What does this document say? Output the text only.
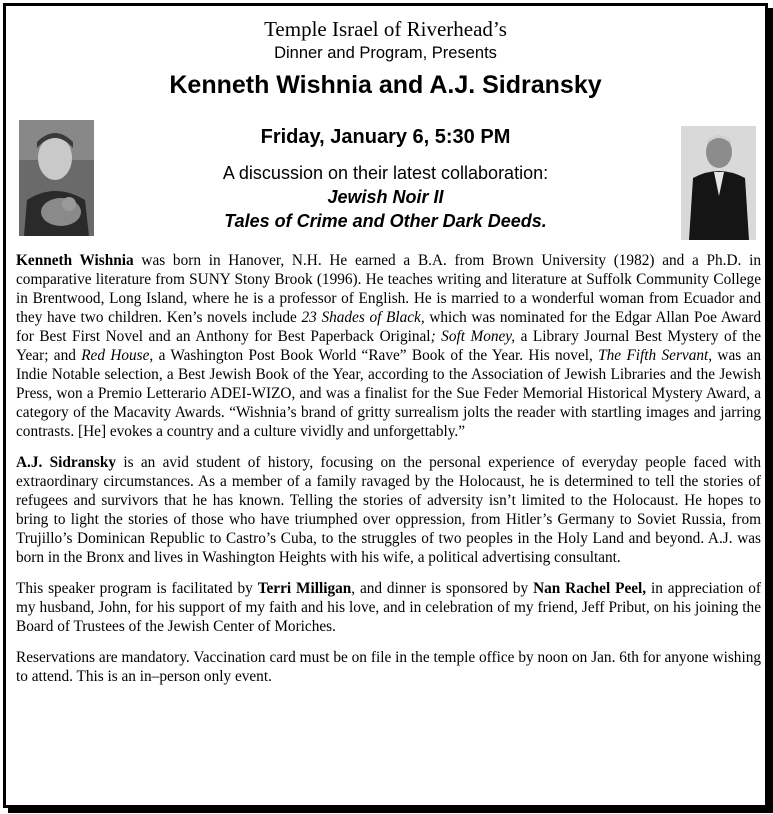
Temple Israel of Riverhead’s
Dinner and Program, Presents
Kenneth Wishnia and A.J. Sidransky
Friday, January 6, 5:30 PM
A discussion on their latest collaboration:
Jewish Noir II
Tales of Crime and Other Dark Deeds.

Kenneth Wishnia was born in Hanover, N.H. He earned a B.A. from Brown University (1982) and a Ph.D. in comparative literature from SUNY Stony Brook (1996). He teaches writing and literature at Suffolk Community College in Brentwood, Long Island, where he is a professor of English. He is married to a wonderful woman from Ecuador and they have two children. Ken’s novels include 23 Shades of Black, which was nominated for the Edgar Allan Poe Award for Best First Novel and an Anthony for Best Paperback Original; Soft Money, a Library Journal Best Mystery of the Year; and Red House, a Washington Post Book World “Rave” Book of the Year. His novel, The Fifth Servant, was an Indie Notable selection, a Best Jewish Book of the Year, according to the Association of Jewish Libraries and the Jewish Press, won a Premio Letterario ADEI-WIZO, and was a finalist for the Sue Feder Memorial Historical Mystery Award, a category of the Macavity Awards. “Wishnia’s brand of gritty surrealism jolts the reader with startling images and jarring contrasts. [He] evokes a country and a culture vividly and unforgettably.”

A.J. Sidransky is an avid student of history, focusing on the personal experience of everyday people faced with extraordinary circumstances. As a member of a family ravaged by the Holocaust, he is determined to tell the stories of refugees and survivors that he has known. Telling the stories of adversity isn’t limited to the Holocaust. He hopes to bring to light the stories of those who have triumphed over oppression, from Hitler’s Germany to Soviet Russia, from Trujillo’s Dominican Republic to Castro’s Cuba, to the struggles of two peoples in the Holy Land and beyond. A.J. was born in the Bronx and lives in Washington Heights with his wife, a political advertising consultant.

This speaker program is facilitated by Terri Milligan, and dinner is sponsored by Nan Rachel Peel, in appreciation of my husband, John, for his support of my faith and his love, and in celebration of my friend, Jeff Pribut, on his joining the Board of Trustees of the Jewish Center of Moriches.

Reservations are mandatory. Vaccination card must be on file in the temple office by noon on Jan. 6th for anyone wishing to attend. This is an in–person only event.
